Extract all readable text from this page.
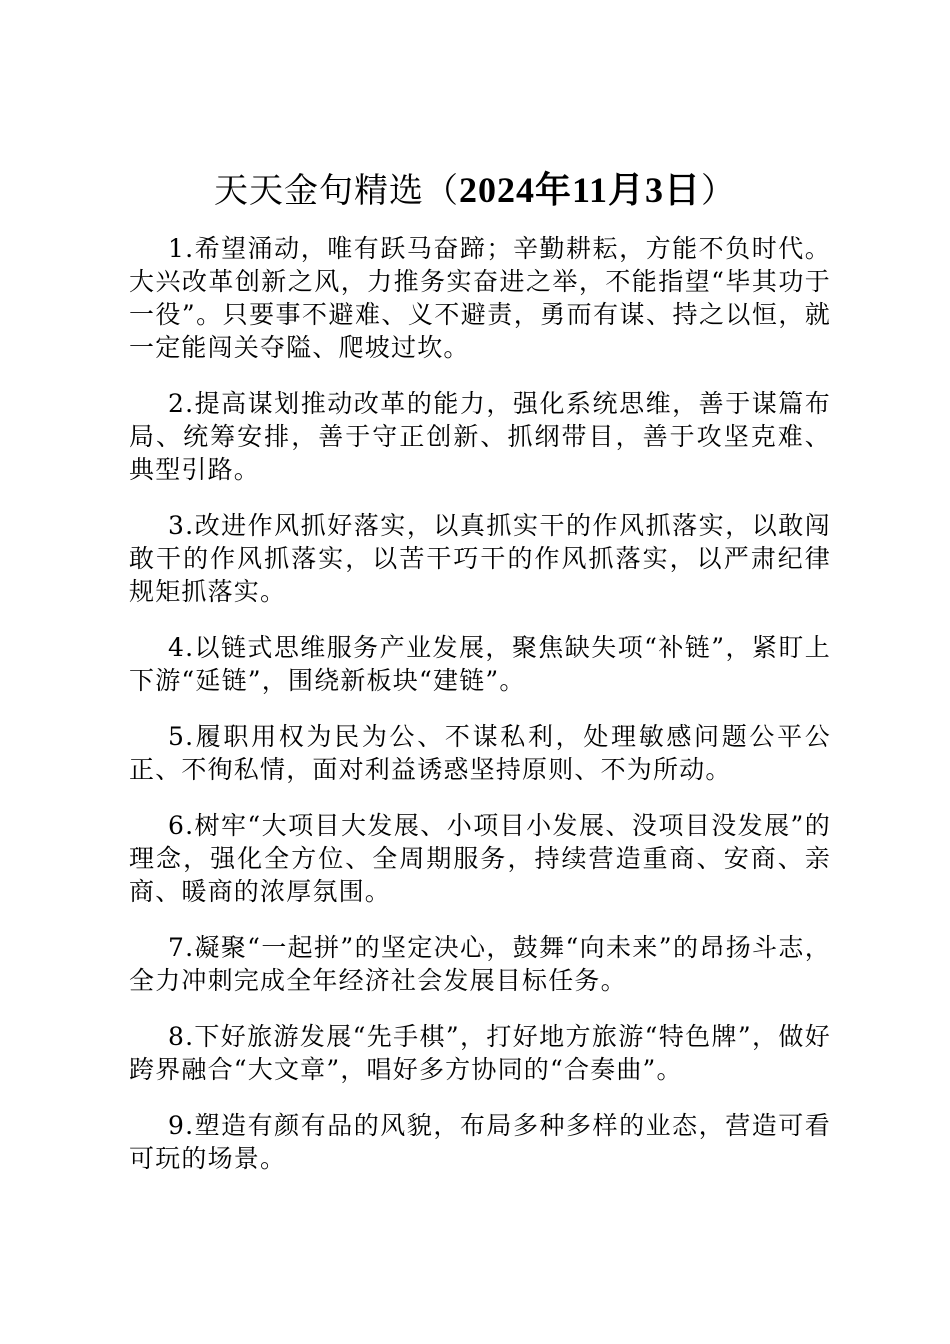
天天金句精选（2024年11月3日）

1.希望涌动，唯有跃马奋蹄；辛勤耕耘，方能不负时代。大兴改革创新之风，力推务实奋进之举，不能指望“毕其功于一役”。只要事不避难、义不避责，勇而有谋、持之以恒，就一定能闯关夺隘、爬坡过坎。

2.提高谋划推动改革的能力，强化系统思维，善于谋篇布局、统筹安排，善于守正创新、抓纲带目，善于攻坚克难、典型引路。

3.改进作风抓好落实，以真抓实干的作风抓落实，以敢闯敢干的作风抓落实，以苦干巧干的作风抓落实，以严肃纪律规矩抓落实。

4.以链式思维服务产业发展，聚焦缺失项“补链”，紧盯上下游“延链”，围绕新板块“建链”。

5.履职用权为民为公、不谋私利，处理敏感问题公平公正、不徇私情，面对利益诱惑坚持原则、不为所动。

6.树牢“大项目大发展、小项目小发展、没项目没发展”的理念，强化全方位、全周期服务，持续营造重商、安商、亲商、暖商的浓厚氛围。

7.凝聚“一起拼”的坚定决心，鼓舞“向未来”的昂扬斗志，全力冲刺完成全年经济社会发展目标任务。

8.下好旅游发展“先手棋”，打好地方旅游“特色牌”，做好跨界融合“大文章”，唱好多方协同的“合奏曲”。

9.塑造有颜有品的风貌，布局多种多样的业态，营造可看可玩的场景。
